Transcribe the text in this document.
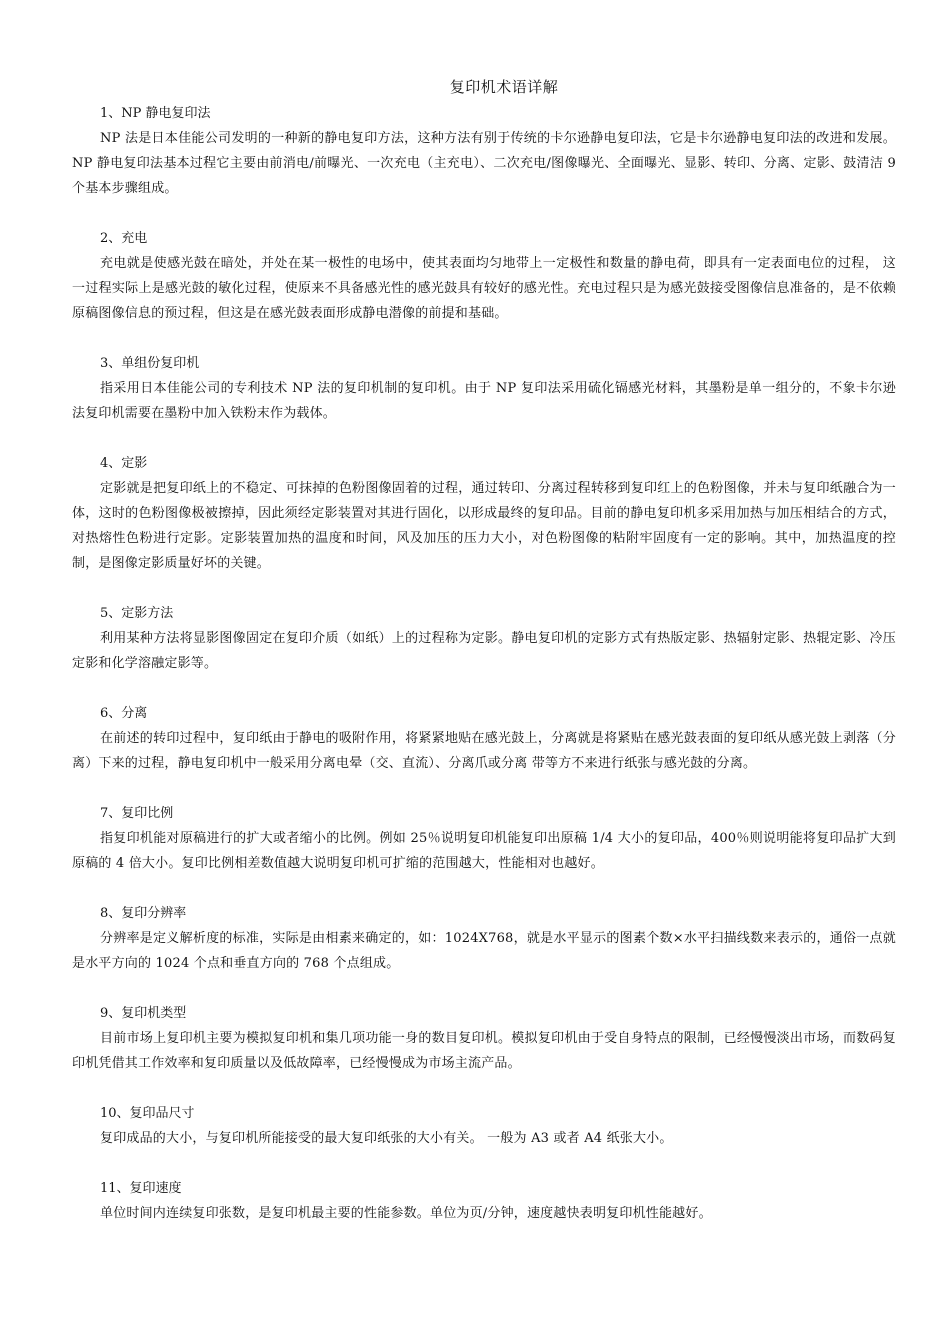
复印机术语详解

1、NP 静电复印法

NP 法是日本佳能公司发明的一种新的静电复印方法，这种方法有别于传统的卡尔逊静电复印法，它是卡尔逊静电复印法的改进和发展。NP 静电复印法基本过程它主要由前消电/前曝光、一次充电（主充电）、二次充电/图像曝光、全面曝光、显影、转印、分离、定影、鼓清洁 9 个基本步骤组成。

2、充电

充电就是使感光鼓在暗处，并处在某一极性的电场中，使其表面均匀地带上一定极性和数量的静电荷，即具有一定表面电位的过程， 这一过程实际上是感光鼓的敏化过程，使原来不具备感光性的感光鼓具有较好的感光性。充电过程只是为感光鼓接受图像信息准备的，是不依赖原稿图像信息的预过程，但这是在感光鼓表面形成静电潜像的前提和基础。

3、单组份复印机

指采用日本佳能公司的专利技术 NP 法的复印机制的复印机。由于 NP 复印法采用硫化镉感光材料，其墨粉是单一组分的，不象卡尔逊法复印机需要在墨粉中加入铁粉末作为载体。

4、定影

定影就是把复印纸上的不稳定、可抹掉的色粉图像固着的过程，通过转印、分离过程转移到复印红上的色粉图像，并未与复印纸融合为一体，这时的色粉图像极被擦掉，因此须经定影装置对其进行固化，以形成最终的复印品。目前的静电复印机多采用加热与加压相结合的方式，对热熔性色粉进行定影。定影装置加热的温度和时间，风及加压的压力大小，对色粉图像的粘附牢固度有一定的影响。其中，加热温度的控制，是图像定影质量好坏的关键。

5、定影方法

利用某种方法将显影图像固定在复印介质（如纸）上的过程称为定影。静电复印机的定影方式有热版定影、热辐射定影、热辊定影、冷压定影和化学溶融定影等。

6、分离

在前述的转印过程中，复印纸由于静电的吸附作用，将紧紧地贴在感光鼓上，分离就是将紧贴在感光鼓表面的复印纸从感光鼓上剥落（分离）下来的过程，静电复印机中一般采用分离电晕（交、直流）、分离爪或分离 带等方不来进行纸张与感光鼓的分离。

7、复印比例

指复印机能对原稿进行的扩大或者缩小的比例。例如 25％说明复印机能复印出原稿 1/4 大小的复印品，400％则说明能将复印品扩大到原稿的 4 倍大小。复印比例相差数值越大说明复印机可扩缩的范围越大，性能相对也越好。

8、复印分辨率

分辨率是定义解析度的标准，实际是由相素来确定的，如：1024X768，就是水平显示的图素个数×水平扫描线数来表示的，通俗一点就是水平方向的 1024 个点和垂直方向的 768 个点组成。

9、复印机类型

目前市场上复印机主要为模拟复印机和集几项功能一身的数目复印机。模拟复印机由于受自身特点的限制，已经慢慢淡出市场，而数码复印机凭借其工作效率和复印质量以及低故障率，已经慢慢成为市场主流产品。

10、复印品尺寸

复印成品的大小，与复印机所能接受的最大复印纸张的大小有关。 一般为 A3 或者 A4 纸张大小。

11、复印速度

单位时间内连续复印张数，是复印机最主要的性能参数。单位为页/分钟，速度越快表明复印机性能越好。
